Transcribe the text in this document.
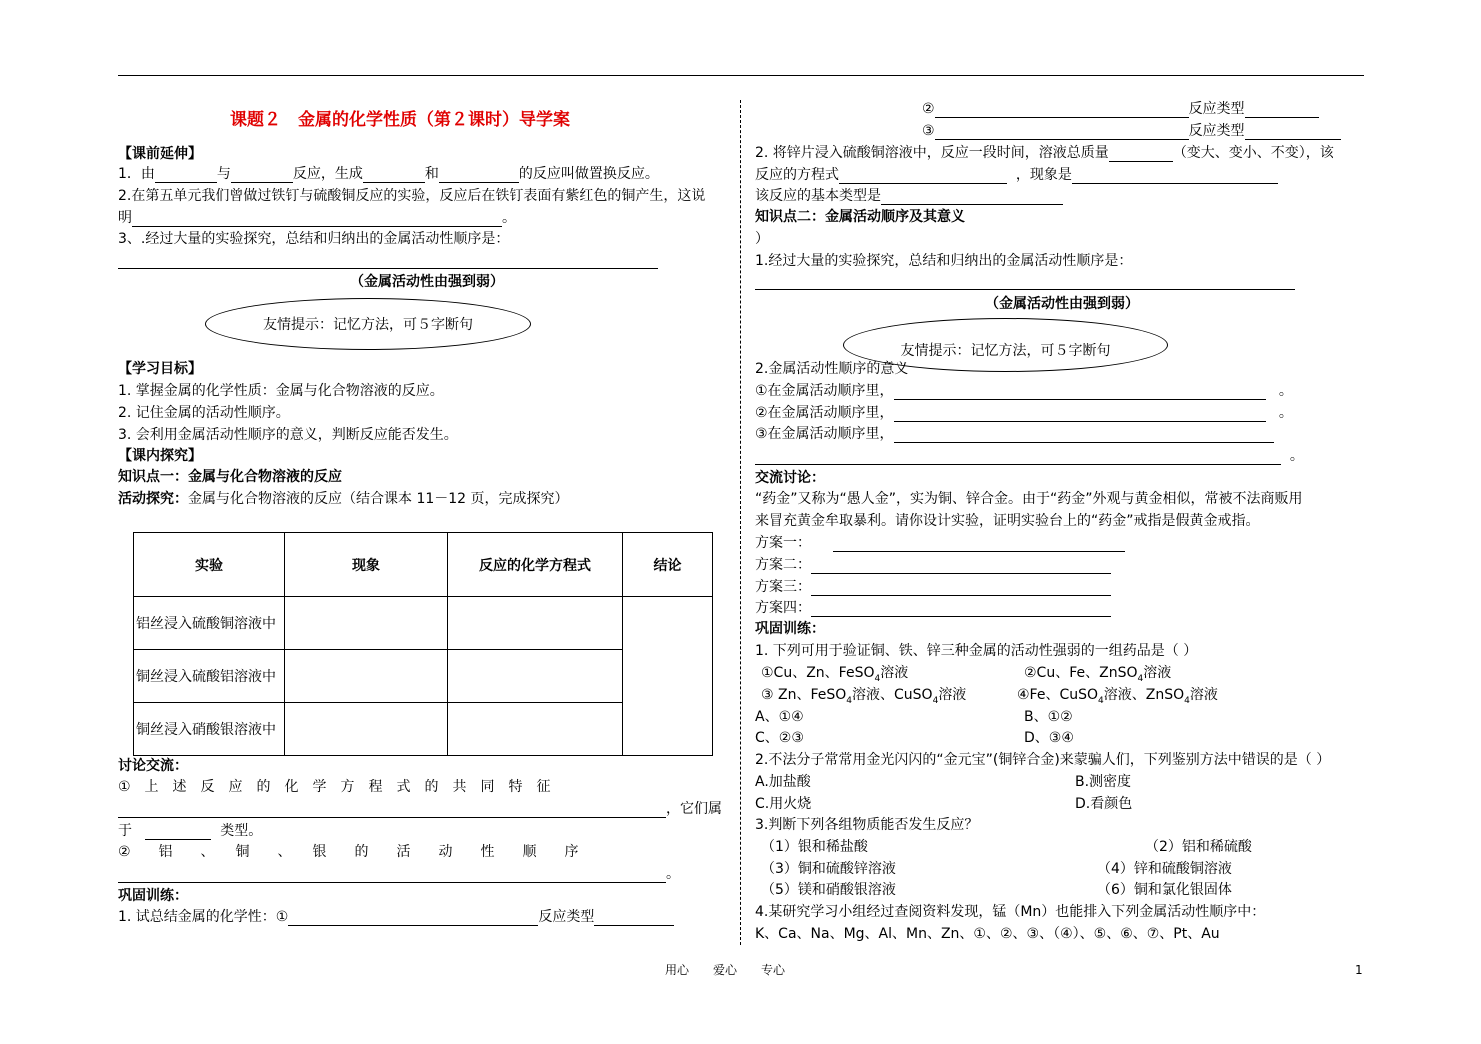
课题２　金属的化学性质（第２课时）导学案
【课前延伸】
1．由	与	反应，生成	和	的反应叫做置换反应。
2.在第五单元我们曾做过铁钉与硫酸铜反应的实验，反应后在铁钉表面有紫红色的铜产生，这说
明	。
3、.经过大量的实验探究，总结和归纳出的金属活动性顺序是：
（金属活动性由强到弱）
友情提示：记忆方法，可５字断句
【学习目标】
1. 掌握金属的化学性质：金属与化合物溶液的反应。
2. 记住金属的活动性顺序。
3. 会利用金属活动性顺序的意义，判断反应能否发生。
【课内探究】
知识点一：金属与化合物溶液的反应
活动探究：金属与化合物溶液的反应（结合课本 11－12 页，完成探究）
实验	现象	反应的化学方程式	结论
铝丝浸入硫酸铜溶液中			
铜丝浸入硫酸铝溶液中			
铜丝浸入硝酸银溶液中			
讨论交流：
①　上　述　反　应　的　化　学　方　程　式　的　共　同　特　征
，它们属
于	类型。
②　　铝　　、　　铜　　、　　银　　的　　活　　动　　性　　顺　　序
。
巩固训练：
1. 试总结金属的化学性：①	反应类型
②	反应类型
③	反应类型
2. 将锌片浸入硫酸铜溶液中，反应一段时间，溶液总质量	（变大、变小、不变），该
反应的方程式	，现象是
该反应的基本类型是
知识点二：金属活动顺序及其意义
）
1.经过大量的实验探究，总结和归纳出的金属活动性顺序是：
（金属活动性由强到弱）
友情提示：记忆方法，可５字断句
2.金属活动性顺序的意义
①在金属活动顺序里，	。
②在金属活动顺序里，	。
③在金属活动顺序里，
。
交流讨论：
“药金”又称为“愚人金”，实为铜、锌合金。由于“药金”外观与黄金相似，常被不法商贩用
来冒充黄金牟取暴利。请你设计实验，证明实验台上的“药金”戒指是假黄金戒指。
方案一：
方案二：
方案三：
方案四：
巩固训练：
1. 下列可用于验证铜、铁、锌三种金属的活动性强弱的一组药品是（ ）
①Cu、Zn、FeSO$_4$溶液	②Cu、Fe、ZnSO$_4$溶液
③ Zn、FeSO$_4$溶液、CuSO$_4$溶液	④Fe、CuSO$_4$溶液、ZnSO$_4$溶液
A、①④	B、①②
C、②③	D、③④
2.不法分子常常用金光闪闪的“金元宝”(铜锌合金)来蒙骗人们，下列鉴别方法中错误的是（ ）
A.加盐酸	B.测密度
C.用火烧	D.看颜色
3.判断下列各组物质能否发生反应？
（1）银和稀盐酸	（2）铝和稀硫酸
（3）铜和硫酸锌溶液	（4）锌和硫酸铜溶液
（5）镁和硝酸银溶液	（6）铜和氯化银固体
4.某研究学习小组经过查阅资料发现，锰（Mn）也能排入下列金属活动性顺序中：
K、Ca、Na、Mg、Al、Mn、Zn、①、②、③、（④）、⑤、⑥、⑦、Pt、Au
用心　　爱心　　专心	1
